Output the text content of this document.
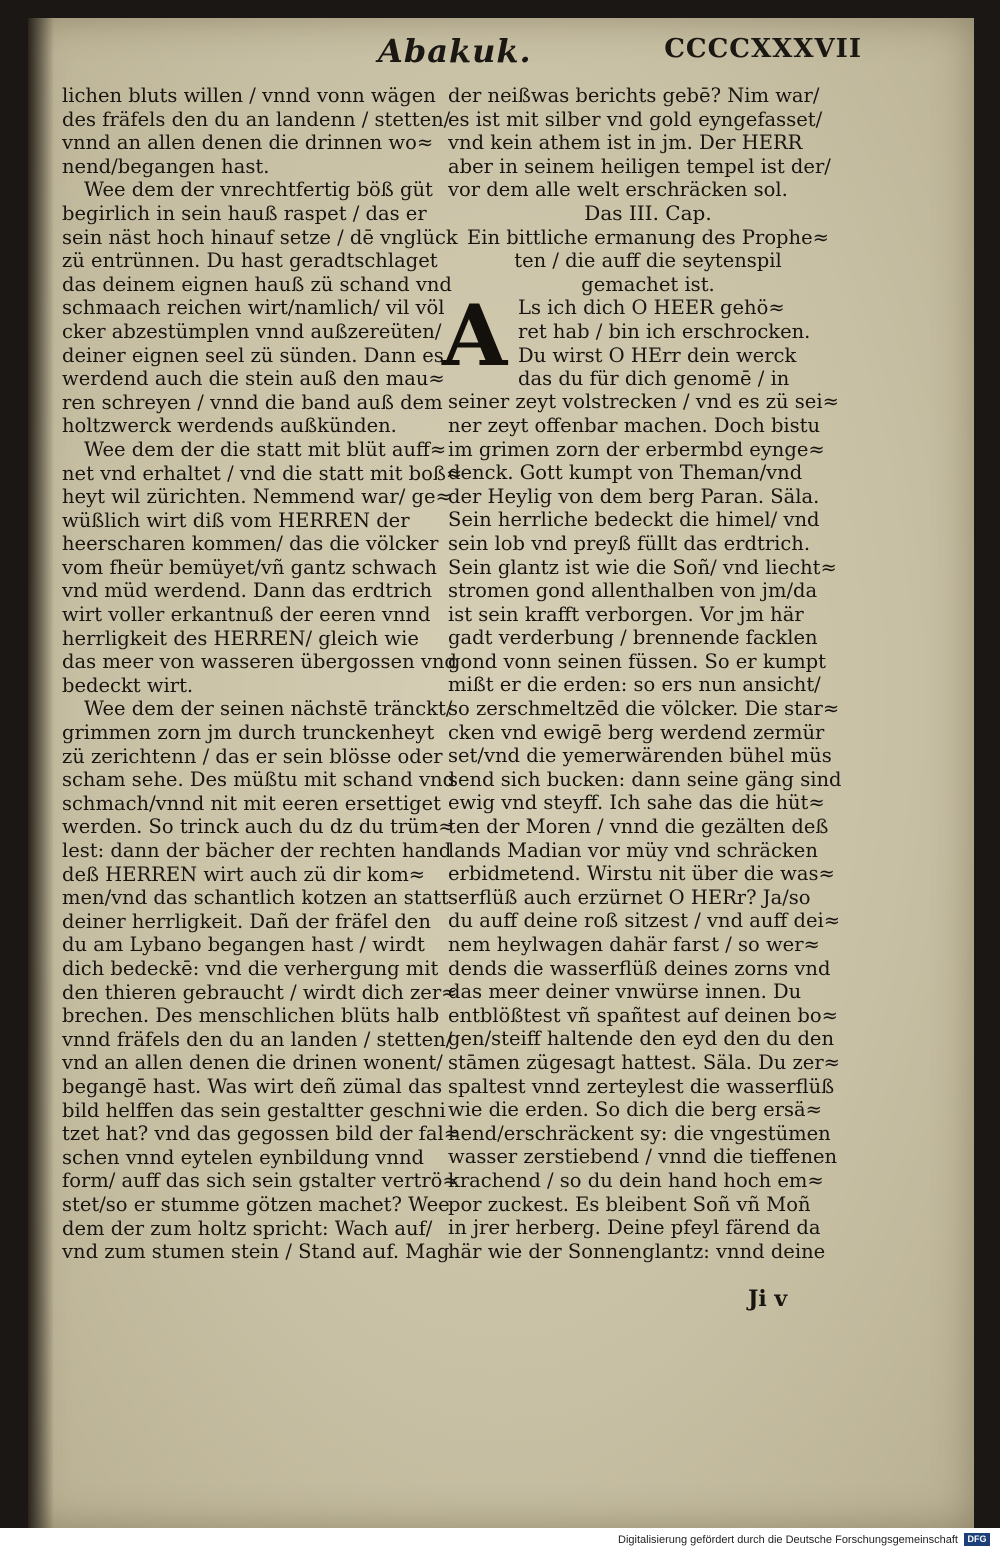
Abakuk.	CCCCXXXVII
lichen bluts willen / vnnd vonn wägen
des fräfels den du an landenn / stetten/
vnnd an allen denen die drinnen wo≈
nend/begangen hast.
Wee dem der vnrechtfertig böß güt
begirlich in sein hauß raspet / das er
sein näst hoch hinauf setze / dē vnglück
zü entrünnen. Du hast geradtschlaget
das deinem eignen hauß zü schand vnd
schmaach reichen wirt/namlich/ vil völ
cker abzestümplen vnnd außzereüten/
deiner eignen seel zü sünden. Dann es
werdend auch die stein auß den mau≈
ren schreyen / vnnd die band auß dem
holtzwerck werdends außkünden.
Wee dem der die statt mit blüt auff≈
net vnd erhaltet / vnd die statt mit boß≈
heyt wil zürichten. Nemmend war/ ge≈
wüßlich wirt diß vom HERREN der
heerscharen kommen/ das die völcker
vom fheür bemüyet/vñ gantz schwach
vnd müd werdend. Dann das erdtrich
wirt voller erkantnuß der eeren vnnd
herrligkeit des HERREN/ gleich wie
das meer von wasseren übergossen vnd
bedeckt wirt.
Wee dem der seinen nächstē tränckt/
grimmen zorn jm durch trunckenheyt
zü zerichtenn / das er sein blösse oder
scham sehe. Des müßtu mit schand vnd
schmach/vnnd nit mit eeren ersettiget
werden. So trinck auch du dz du trüm≈
lest: dann der bächer der rechten hand
deß HERREN wirt auch zü dir kom≈
men/vnd das schantlich kotzen an statt
deiner herrligkeit. Dañ der fräfel den
du am Lybano begangen hast / wirdt
dich bedeckē: vnd die verhergung mit
den thieren gebraucht / wirdt dich zer≈
brechen. Des menschlichen blüts halb
vnnd fräfels den du an landen / stetten/
vnd an allen denen die drinen wonent/
begangē hast. Was wirt deñ zümal das
bild helffen das sein gestaltter geschni
tzet hat? vnd das gegossen bild der fal≈
schen vnnd eytelen eynbildung vnnd
form/ auff das sich sein gstalter vertrö≈
stet/so er stumme götzen machet? Wee
dem der zum holtz spricht: Wach auf/
vnd zum stumen stein / Stand auf. Mag
der neißwas berichts gebē? Nim war/
es ist mit silber vnd gold eyngefasset/
vnd kein athem ist in jm. Der HERR
aber in seinem heiligen tempel ist der/
vor dem alle welt erschräcken sol.
Das III. Cap.
Ein bittliche ermanung des Prophe≈
ten / die auff die seytenspil
gemachet ist.
A Ls ich dich O HEER gehö≈
ret hab / bin ich erschrocken.
Du wirst O HErr dein werck
das du für dich genomē / in
seiner zeyt volstrecken / vnd es zü sei≈
ner zeyt offenbar machen. Doch bistu
im grimen zorn der erbermbd eynge≈
denck. Gott kumpt von Theman/vnd
der Heylig von dem berg Paran. Säla.
Sein herrliche bedeckt die himel/ vnd
sein lob vnd preyß füllt das erdtrich.
Sein glantz ist wie die Soñ/ vnd liecht≈
stromen gond allenthalben von jm/da
ist sein krafft verborgen. Vor jm här
gadt verderbung / brennende facklen
gond vonn seinen füssen. So er kumpt
mißt er die erden: so ers nun ansicht/
so zerschmeltzēd die völcker. Die star≈
cken vnd ewigē berg werdend zermür
set/vnd die yemerwärenden bühel müs
send sich bucken: dann seine gäng sind
ewig vnd steyff. Ich sahe das die hüt≈
ten der Moren / vnnd die gezälten deß
lands Madian vor müy vnd schräcken
erbidmetend. Wirstu nit über die was≈
serflüß auch erzürnet O HERr? Ja/so
du auff deine roß sitzest / vnd auff dei≈
nem heylwagen dahär farst / so wer≈
dends die wasserflüß deines zorns vnd
das meer deiner vnwürse innen. Du
entblößtest vñ spañtest auf deinen bo≈
gen/steiff haltende den eyd den du den
stāmen zügesagt hattest. Säla. Du zer≈
spaltest vnnd zerteylest die wasserflüß
wie die erden. So dich die berg ersä≈
hend/erschräckent sy: die vngestümen
wasser zerstiebend / vnnd die tieffenen
krachend / so du dein hand hoch em≈
por zuckest. Es bleibent Soñ vñ Moñ
in jrer herberg. Deine pfeyl färend da
här wie der Sonnenglantz: vnnd deine
Ji v
Digitalisierung gefördert durch die Deutsche Forschungsgemeinschaft	DFG
